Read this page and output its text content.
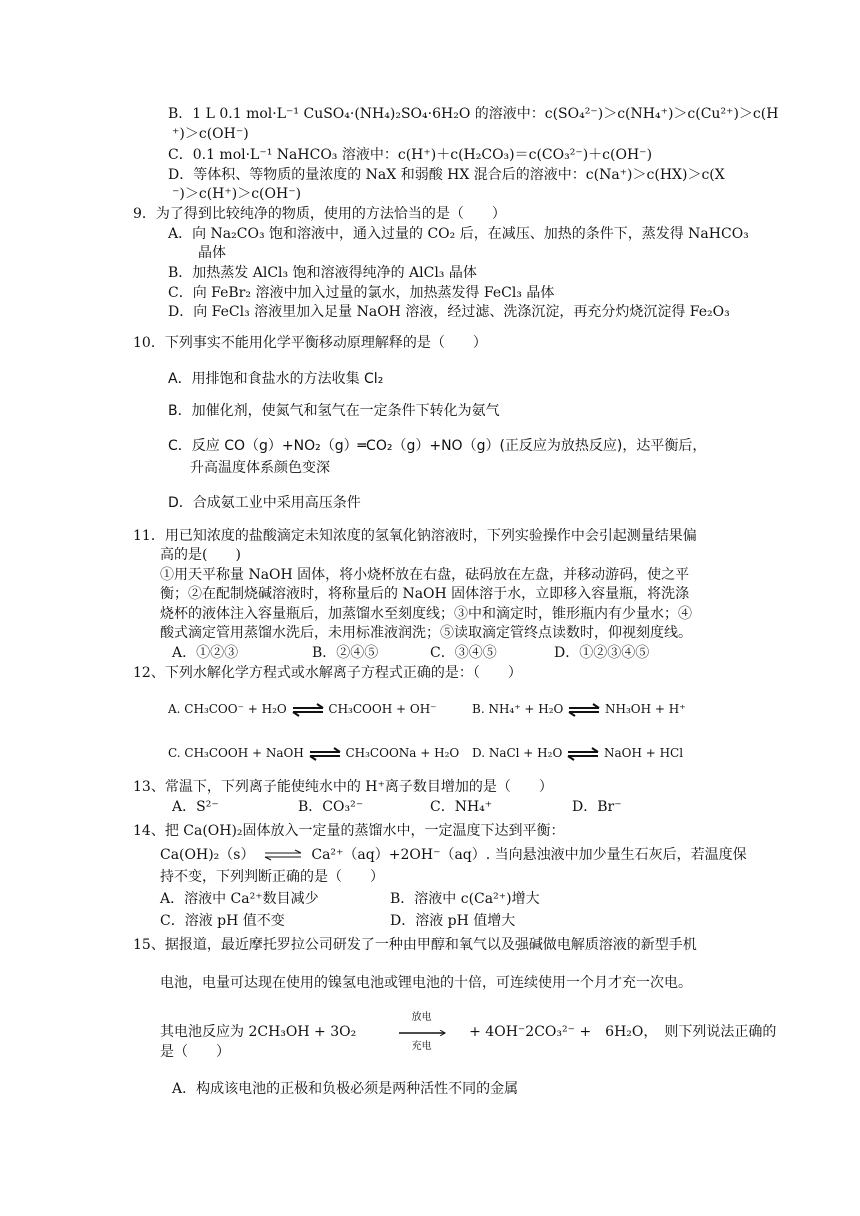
B．1 L 0.1 mol·L⁻¹ CuSO₄·(NH₄)₂SO₄·6H₂O 的溶液中：c(SO₄²⁻)＞c(NH₄⁺)＞c(Cu²⁺)＞c(H
⁺)＞c(OH⁻)
C．0.1 mol·L⁻¹ NaHCO₃ 溶液中：c(H⁺)＋c(H₂CO₃)＝c(CO₃²⁻)＋c(OH⁻)
D．等体积、等物质的量浓度的 NaX 和弱酸 HX 混合后的溶液中：c(Na⁺)＞c(HX)＞c(X
⁻)＞c(H⁺)＞c(OH⁻)
9．为了得到比较纯净的物质，使用的方法恰当的是（　　）
A．向 Na₂CO₃ 饱和溶液中，通入过量的 CO₂ 后，在减压、加热的条件下，蒸发得 NaHCO₃
晶体
B．加热蒸发 AlCl₃ 饱和溶液得纯净的 AlCl₃ 晶体
C．向 FeBr₂ 溶液中加入过量的氯水，加热蒸发得 FeCl₃ 晶体
D．向 FeCl₃ 溶液里加入足量 NaOH 溶液，经过滤、洗涤沉淀，再充分灼烧沉淀得 Fe₂O₃
10．下列事实不能用化学平衡移动原理解释的是（　　）
A．用排饱和食盐水的方法收集 Cl₂
B．加催化剂，使氮气和氢气在一定条件下转化为氨气
C．反应 CO（g）+NO₂（g）═CO₂（g）+NO（g）(正反应为放热反应)，达平衡后，
升高温度体系颜色变深
D．合成氨工业中采用高压条件
11．用已知浓度的盐酸滴定未知浓度的氢氧化钠溶液时，下列实验操作中会引起测量结果偏
高的是(　　)
①用天平称量 NaOH 固体，将小烧杯放在右盘，砝码放在左盘，并移动游码，使之平
衡；②在配制烧碱溶液时，将称量后的 NaOH 固体溶于水，立即移入容量瓶，将洗涤
烧杯的液体注入容量瓶后，加蒸馏水至刻度线；③中和滴定时，锥形瓶内有少量水；④
酸式滴定管用蒸馏水洗后，未用标准液润洗；⑤读取滴定管终点读数时，仰视刻度线。
A．①②③	B．②④⑤	C．③④⑤	D．①②③④⑤
12、下列水解化学方程式或水解离子方程式正确的是：（　　）
A. CH₃COO⁻ + H₂O ⇌ CH₃COOH + OH⁻	B. NH₄⁺ + H₂O ⇌ NH₃OH + H⁺
C. CH₃COOH + NaOH ⇌ CH₃COONa + H₂O D. NaCl + H₂O ⇌ NaOH + HCl
13、常温下，下列离子能使纯水中的 H⁺离子数目增加的是（　　）
A．S²⁻	B．CO₃²⁻	C．NH₄⁺	D．Br⁻
14、把 Ca(OH)₂固体放入一定量的蒸馏水中，一定温度下达到平衡：
Ca(OH)₂（s） ⇌ Ca²⁺（aq）+2OH⁻（aq）. 当向悬浊液中加少量生石灰后，若温度保
持不变，下列判断正确的是（　　）
A．溶液中 Ca²⁺数目减少	B．溶液中 c(Ca²⁺)增大
C．溶液 pH 值不变	D．溶液 pH 值增大
15、据报道，最近摩托罗拉公司研发了一种由甲醇和氧气以及强碱做电解质溶液的新型手机
电池，电量可达现在使用的镍氢电池或锂电池的十倍，可连续使用一个月才充一次电。
其电池反应为 2CH₃OH + 3O₂
放电
充电
+ 4OH⁻2CO₃²⁻ +　6H₂O，　则下列说法正确的
是（　　）
A．构成该电池的正极和负极必须是两种活性不同的金属
